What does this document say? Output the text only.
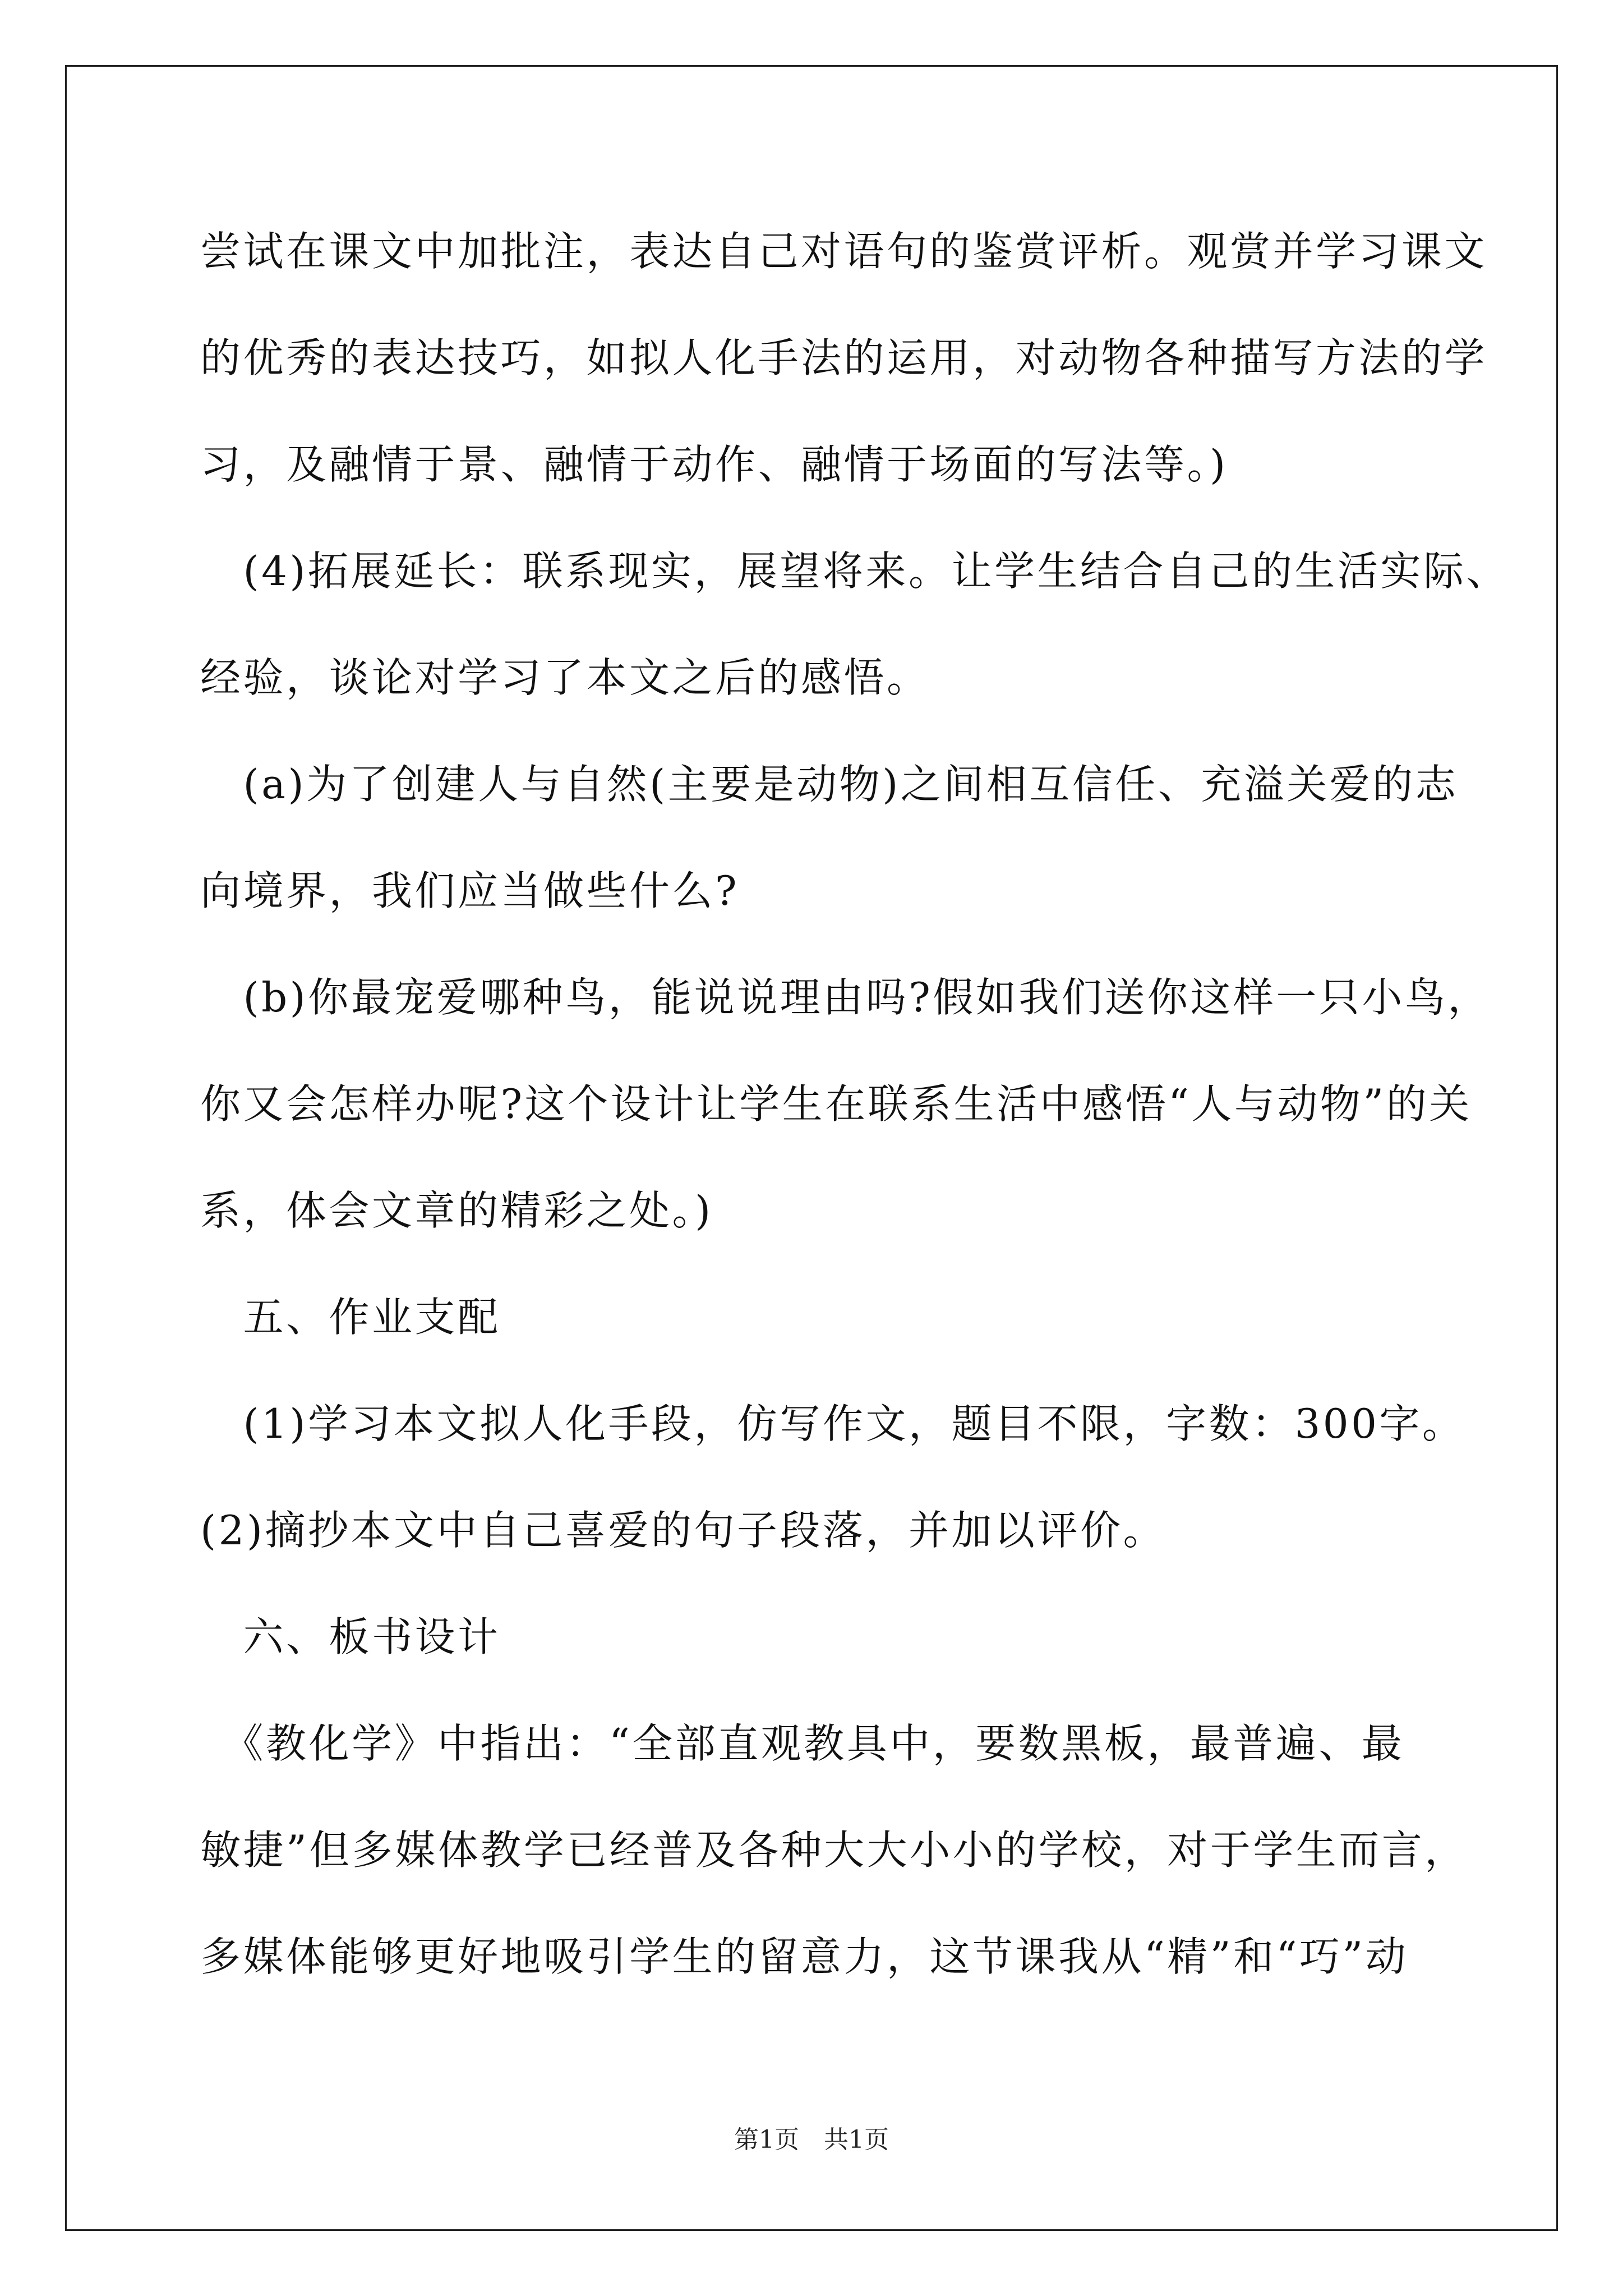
尝试在课文中加批注，表达自己对语句的鉴赏评析。观赏并学习课文
的优秀的表达技巧，如拟人化手法的运用，对动物各种描写方法的学
习，及融情于景、融情于动作、融情于场面的写法等。)
　(4)拓展延长：联系现实，展望将来。让学生结合自己的生活实际、
经验，谈论对学习了本文之后的感悟。
　(a)为了创建人与自然(主要是动物)之间相互信任、充溢关爱的志
向境界，我们应当做些什么?
　(b)你最宠爱哪种鸟，能说说理由吗?假如我们送你这样一只小鸟，
你又会怎样办呢?这个设计让学生在联系生活中感悟“人与动物”的关
系，体会文章的精彩之处。)
　五、作业支配
　(1)学习本文拟人化手段，仿写作文，题目不限，字数：300字。
(2)摘抄本文中自己喜爱的句子段落，并加以评价。
　六、板书设计
　《教化学》中指出：“全部直观教具中，要数黑板，最普遍、最
敏捷”但多媒体教学已经普及各种大大小小的学校，对于学生而言，
多媒体能够更好地吸引学生的留意力，这节课我从“精”和“巧”动
第1页　共1页
